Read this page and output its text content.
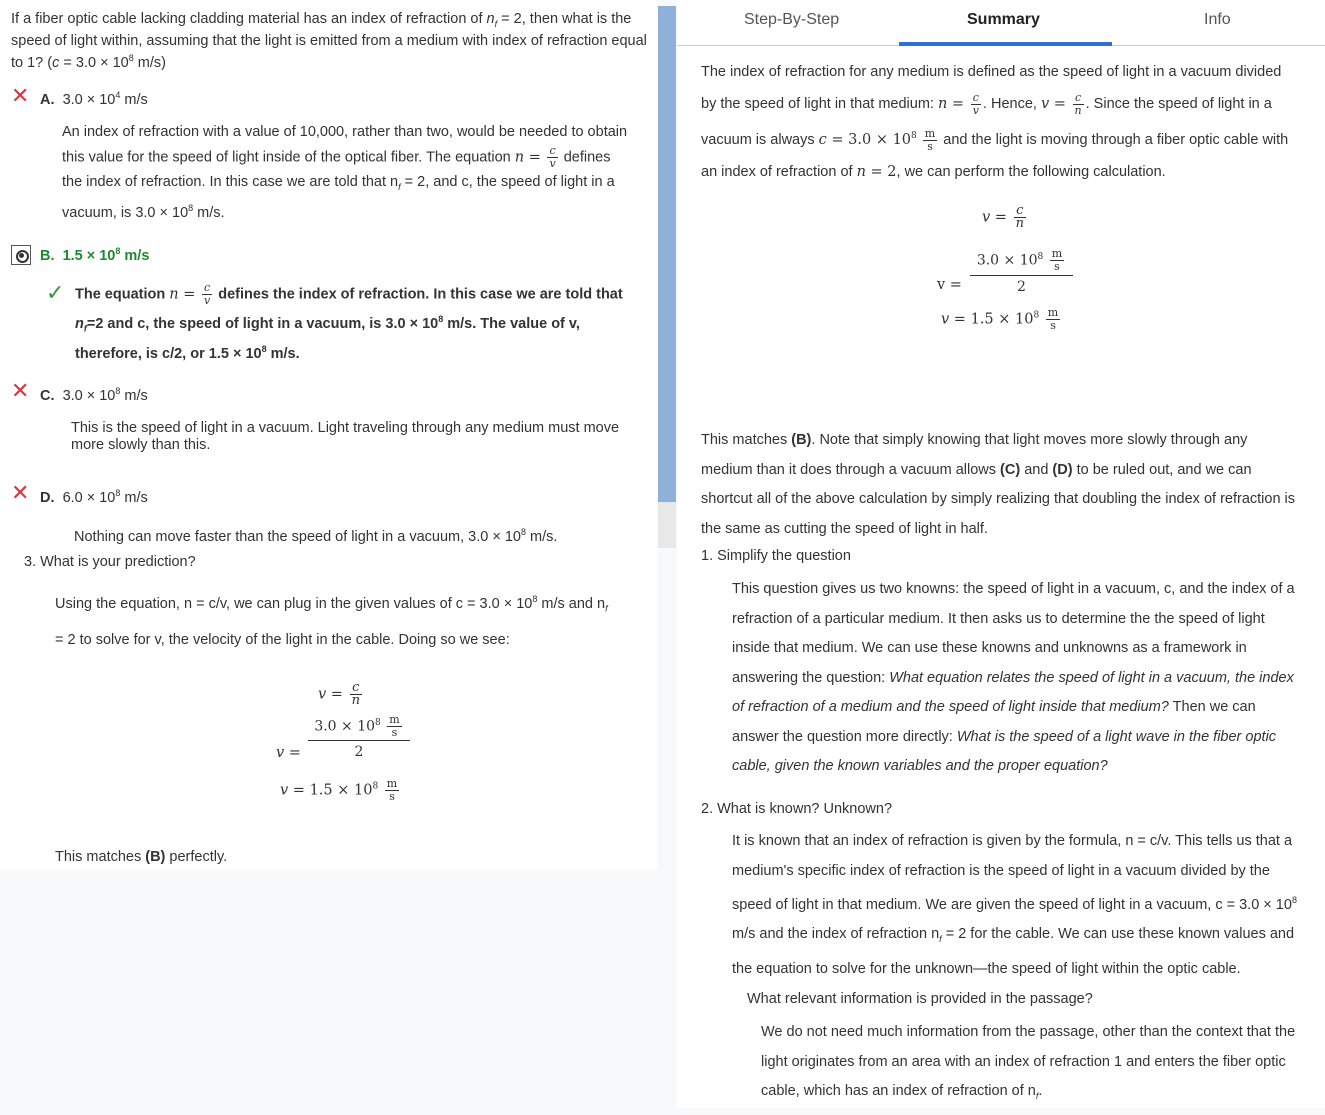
If a fiber optic cable lacking cladding material has an index of refraction of $n_f = 2$, then what is the speed of light within, assuming that the light is emitted from a medium with index of refraction equal to 1? ($c = 3.0 \times 10^8$ m/s)
✕ A. $3.0 \times 10^4$ m/s
An index of refraction with a value of 10,000, rather than two, would be needed to obtain
this value for the speed of light inside of the optical fiber. The equation $n = \frac{c}{v}$ defines
the index of refraction. In this case we are told that $n_f = 2$, and c, the speed of light in a
vacuum, is $3.0 \times 10^8$ m/s.
B. $1.5 \times 10^8$ m/s
✓ The equation $n = \frac{c}{v}$ defines the index of refraction. In this case we are told that
$n_f=2$ and c, the speed of light in a vacuum, is $3.0 \times 10^8$ m/s. The value of v,
therefore, is c/2, or $1.5 \times 10^8$ m/s.
✕ C. $3.0 \times 10^8$ m/s
This is the speed of light in a vacuum. Light traveling through any medium must move
more slowly than this.
✕ D. $6.0 \times 10^8$ m/s
Nothing can move faster than the speed of light in a vacuum, $3.0 \times 10^8$ m/s.
3. What is your prediction?
Using the equation, n = c/v, we can plug in the given values of $c = 3.0 \times 10^8$ m/s and $n_f$
= 2 to solve for v, the velocity of the light in the cable. Doing so we see:
$v = \frac{c}{n}$
v =
$3.0 \times 10^8 \frac{m}{s}$
2
$v = 1.5 \times 10^8 \frac{m}{s}$
This matches (B) perfectly.
Step-By-Step	Summary	Info
The index of refraction for any medium is defined as the speed of light in a vacuum divided
by the speed of light in that medium: $n = \frac{c}{v}$ . Hence, $v = \frac{c}{n}$ . Since the speed of light in a
vacuum is always $c = 3.0 \times 10^8 \frac{m}{s}$ and the light is moving through a fiber optic cable with
an index of refraction of n = 2, we can perform the following calculation.
$v = \frac{c}{n}$
v =
$3.0 \times 10^8 \frac{m}{s}$
2
$v = 1.5 \times 10^8 \frac{m}{s}$
This matches (B). Note that simply knowing that light moves more slowly through any
medium than it does through a vacuum allows (C) and (D) to be ruled out, and we can
shortcut all of the above calculation by simply realizing that doubling the index of refraction is
the same as cutting the speed of light in half.
1. Simplify the question
This question gives us two knowns: the speed of light in a vacuum, c, and the index of a
refraction of a particular medium. It then asks us to determine the the speed of light
inside that medium. We can use these knowns and unknowns as a framework in
answering the question: What equation relates the speed of light in a vacuum, the index
of refraction of a medium and the speed of light inside that medium? Then we can
answer the question more directly: What is the speed of a light wave in the fiber optic
cable, given the known variables and the proper equation?
2. What is known? Unknown?
It is known that an index of refraction is given by the formula, n = c/v. This tells us that a
medium's specific index of refraction is the speed of light in a vacuum divided by the
speed of light in that medium. We are given the speed of light in a vacuum, $c = 3.0 \times 10^8$
m/s and the index of refraction $n_f = 2$ for the cable. We can use these known values and
the equation to solve for the unknown—the speed of light within the optic cable.
What relevant information is provided in the passage?
We do not need much information from the passage, other than the context that the
light originates from an area with an index of refraction 1 and enters the fiber optic
cable, which has an index of refraction of $n_f$.
